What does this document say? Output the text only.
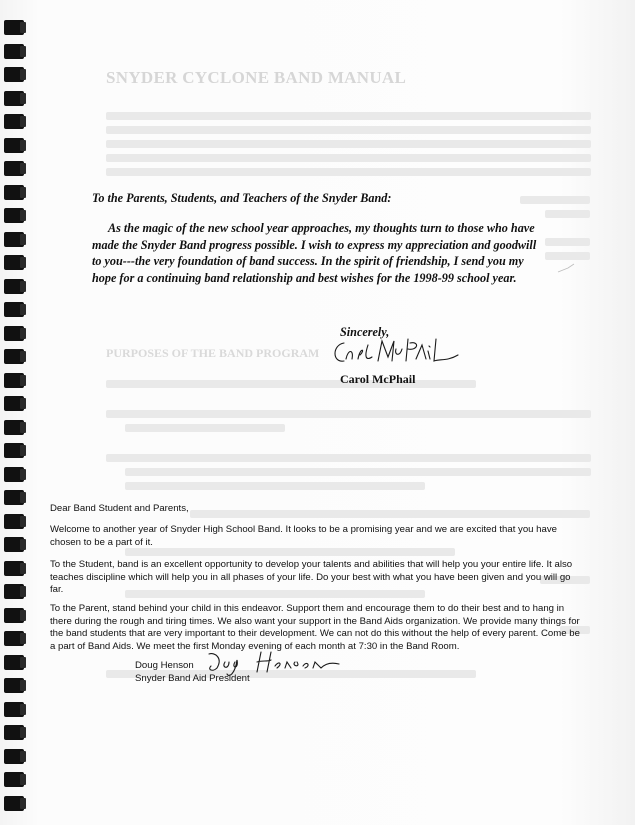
SNYDER CYCLONE BAND MANUAL
PURPOSES OF THE BAND PROGRAM
To the Parents, Students, and Teachers of the Snyder Band:
As the magic of the new school year approaches, my thoughts turn to those who have made the Snyder Band progress possible. I wish to express my appreciation and goodwill to you---the very foundation of band success. In the spirit of friendship, I send you my hope for a continuing band relationship and best wishes for the 1998-99 school year.
Sincerely,
Carol McPhail
Dear Band Student and Parents,
Welcome to another year of Snyder High School Band. It looks to be a promising year and we are excited that you have chosen to be a part of it.
To the Student, band is an excellent opportunity to develop your talents and abilities that will help you your entire life. It also teaches discipline which will help you in all phases of your life. Do your best with what you have been given and you will go far.
To the Parent, stand behind your child in this endeavor. Support them and encourage them to do their best and to hang in there during the rough and tiring times. We also want your support in the Band Aids organization. We provide many things for the band students that are very important to their development. We can not do this without the help of every parent. Come be a part of Band Aids. We meet the first Monday evening of each month at 7:30 in the Band Room.
Doug Henson
Snyder Band Aid President
